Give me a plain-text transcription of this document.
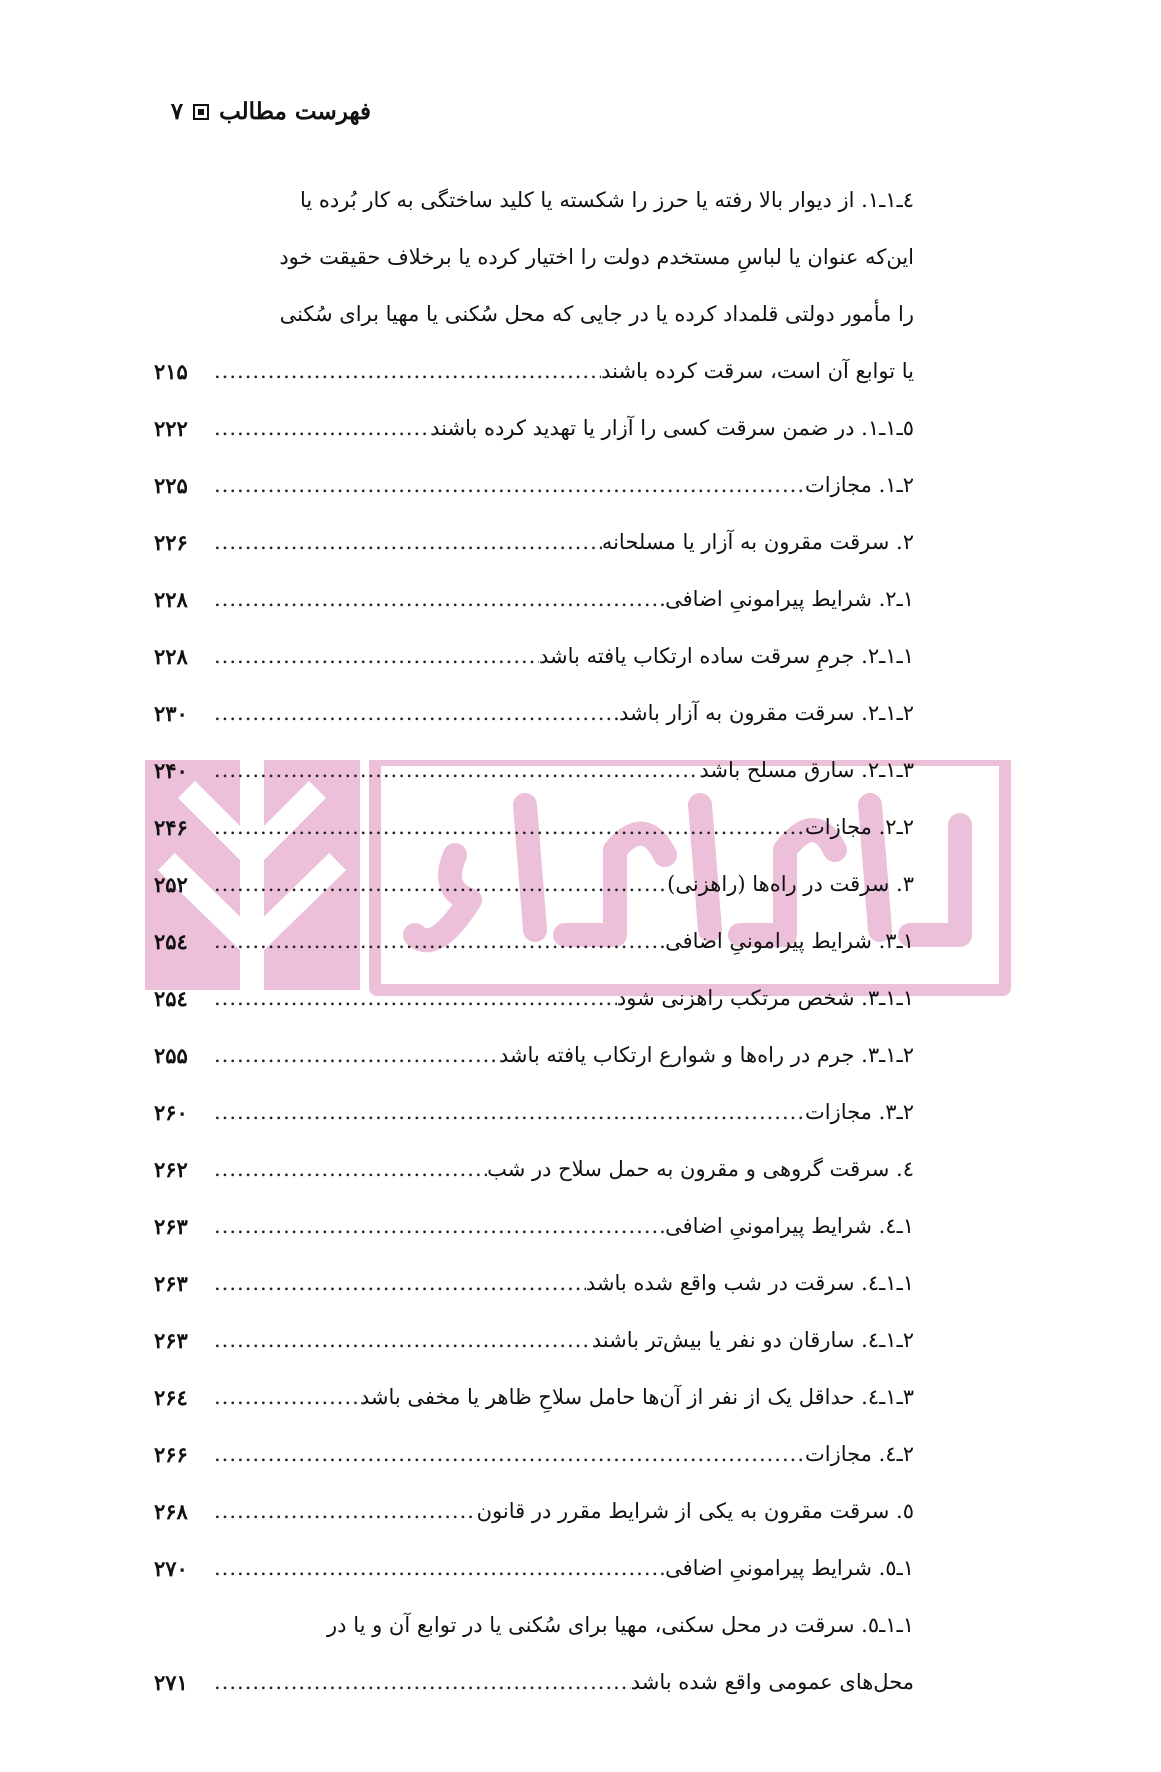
فهرست مطالب
۷
٤ـ١ـ١. از دیوار بالا رفته یا حرز را شکسته یا کلید ساختگی به کار بُرده یا
این‌که عنوان یا لباسِ مستخدم دولت را اختیار کرده یا برخلاف حقیقت خود
را مأمور دولتی قلمداد کرده یا در جایی که محل سُکنی یا مهیا برای سُکنی
یا توابع آن است، سرقت کرده باشند
.....
۲۱۵
٥ـ١ـ١. در ضمن سرقت کسی را آزار یا تهدید کرده باشند
.....
۲۲۲
٢ـ١. مجازات
.....
۲۲۵
٢. سرقت مقرون به آزار یا مسلحانه
.....
۲۲۶
١ـ٢. شرایط پیرامونیِ اضافی
.....
۲۲۸
١ـ١ـ٢. جرمِ سرقت ساده ارتکاب یافته باشد
.....
۲۲۸
٢ـ١ـ٢. سرقت مقرون به آزار باشد
.....
۲۳۰
٣ـ١ـ٢. سارق مسلح باشد
.....
۲۴۰
٢ـ٢. مجازات
.....
۲۴۶
٣. سرقت در راه‌ها (راهزنی)
.....
۲۵۲
١ـ٣. شرایط پیرامونیِ اضافی
.....
۲۵٤
١ـ١ـ٣. شخص مرتکب راهزنی شود
.....
۲۵٤
٢ـ١ـ٣. جرم در راه‌ها و شوارع ارتکاب یافته باشد
.....
۲۵۵
٢ـ٣. مجازات
.....
۲۶۰
٤. سرقت گروهی و مقرون به حمل سلاح در شب
.....
۲۶۲
١ـ٤. شرایط پیرامونیِ اضافی
.....
۲۶۳
١ـ١ـ٤. سرقت در شب واقع شده باشد
.....
۲۶۳
٢ـ١ـ٤. سارقان دو نفر یا بیش‌تر باشند
.....
۲۶۳
٣ـ١ـ٤. حداقل یک از نفر از آن‌ها حامل سلاحِ ظاهر یا مخفی باشد
.....
۲۶٤
٢ـ٤. مجازات
.....
۲۶۶
٥. سرقت مقرون به یکی از شرایط مقرر در قانون
.....
۲۶۸
١ـ٥. شرایط پیرامونیِ اضافی
.....
۲۷۰
١ـ١ـ٥. سرقت در محل سکنی، مهیا برای سُکنی یا در توابع آن و یا در
محل‌های عمومی واقع شده باشد
.....
۲۷۱
